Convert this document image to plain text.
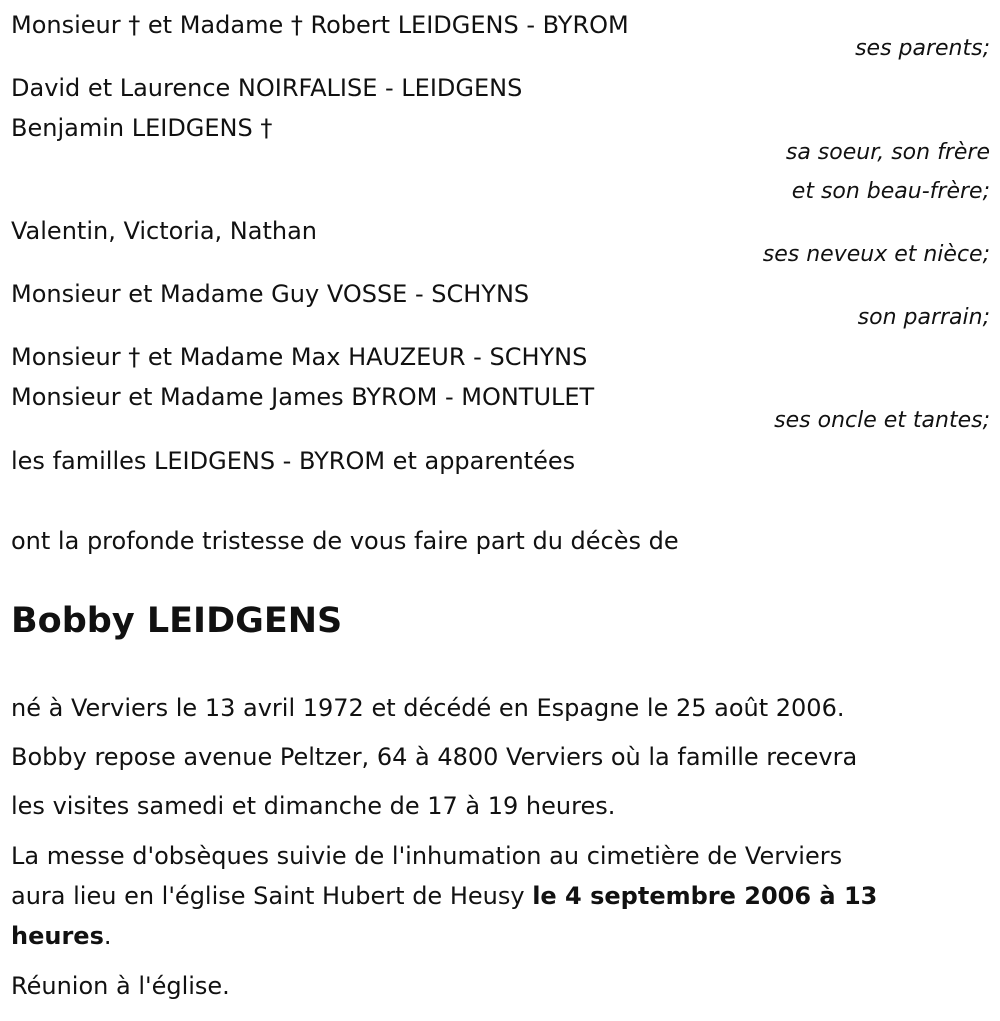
Monsieur † et Madame † Robert LEIDGENS - BYROM
ses parents;
David et Laurence NOIRFALISE - LEIDGENS
Benjamin LEIDGENS †
sa soeur, son frère
et son beau-frère;
Valentin, Victoria, Nathan
ses neveux et nièce;
Monsieur et Madame Guy VOSSE - SCHYNS
son parrain;
Monsieur † et Madame Max HAUZEUR - SCHYNS
Monsieur et Madame James BYROM - MONTULET
ses oncle et tantes;
les familles LEIDGENS - BYROM et apparentées
ont la profonde tristesse de vous faire part du décès de
Bobby LEIDGENS
né à Verviers le 13 avril 1972 et décédé en Espagne le 25 août 2006.
Bobby repose avenue Peltzer, 64 à 4800 Verviers où la famille recevra
les visites samedi et dimanche de 17 à 19 heures.
La messe d'obsèques suivie de l'inhumation au cimetière de Verviers
aura lieu en l'église Saint Hubert de Heusy le 4 septembre 2006 à 13
heures.
Réunion à l'église.
